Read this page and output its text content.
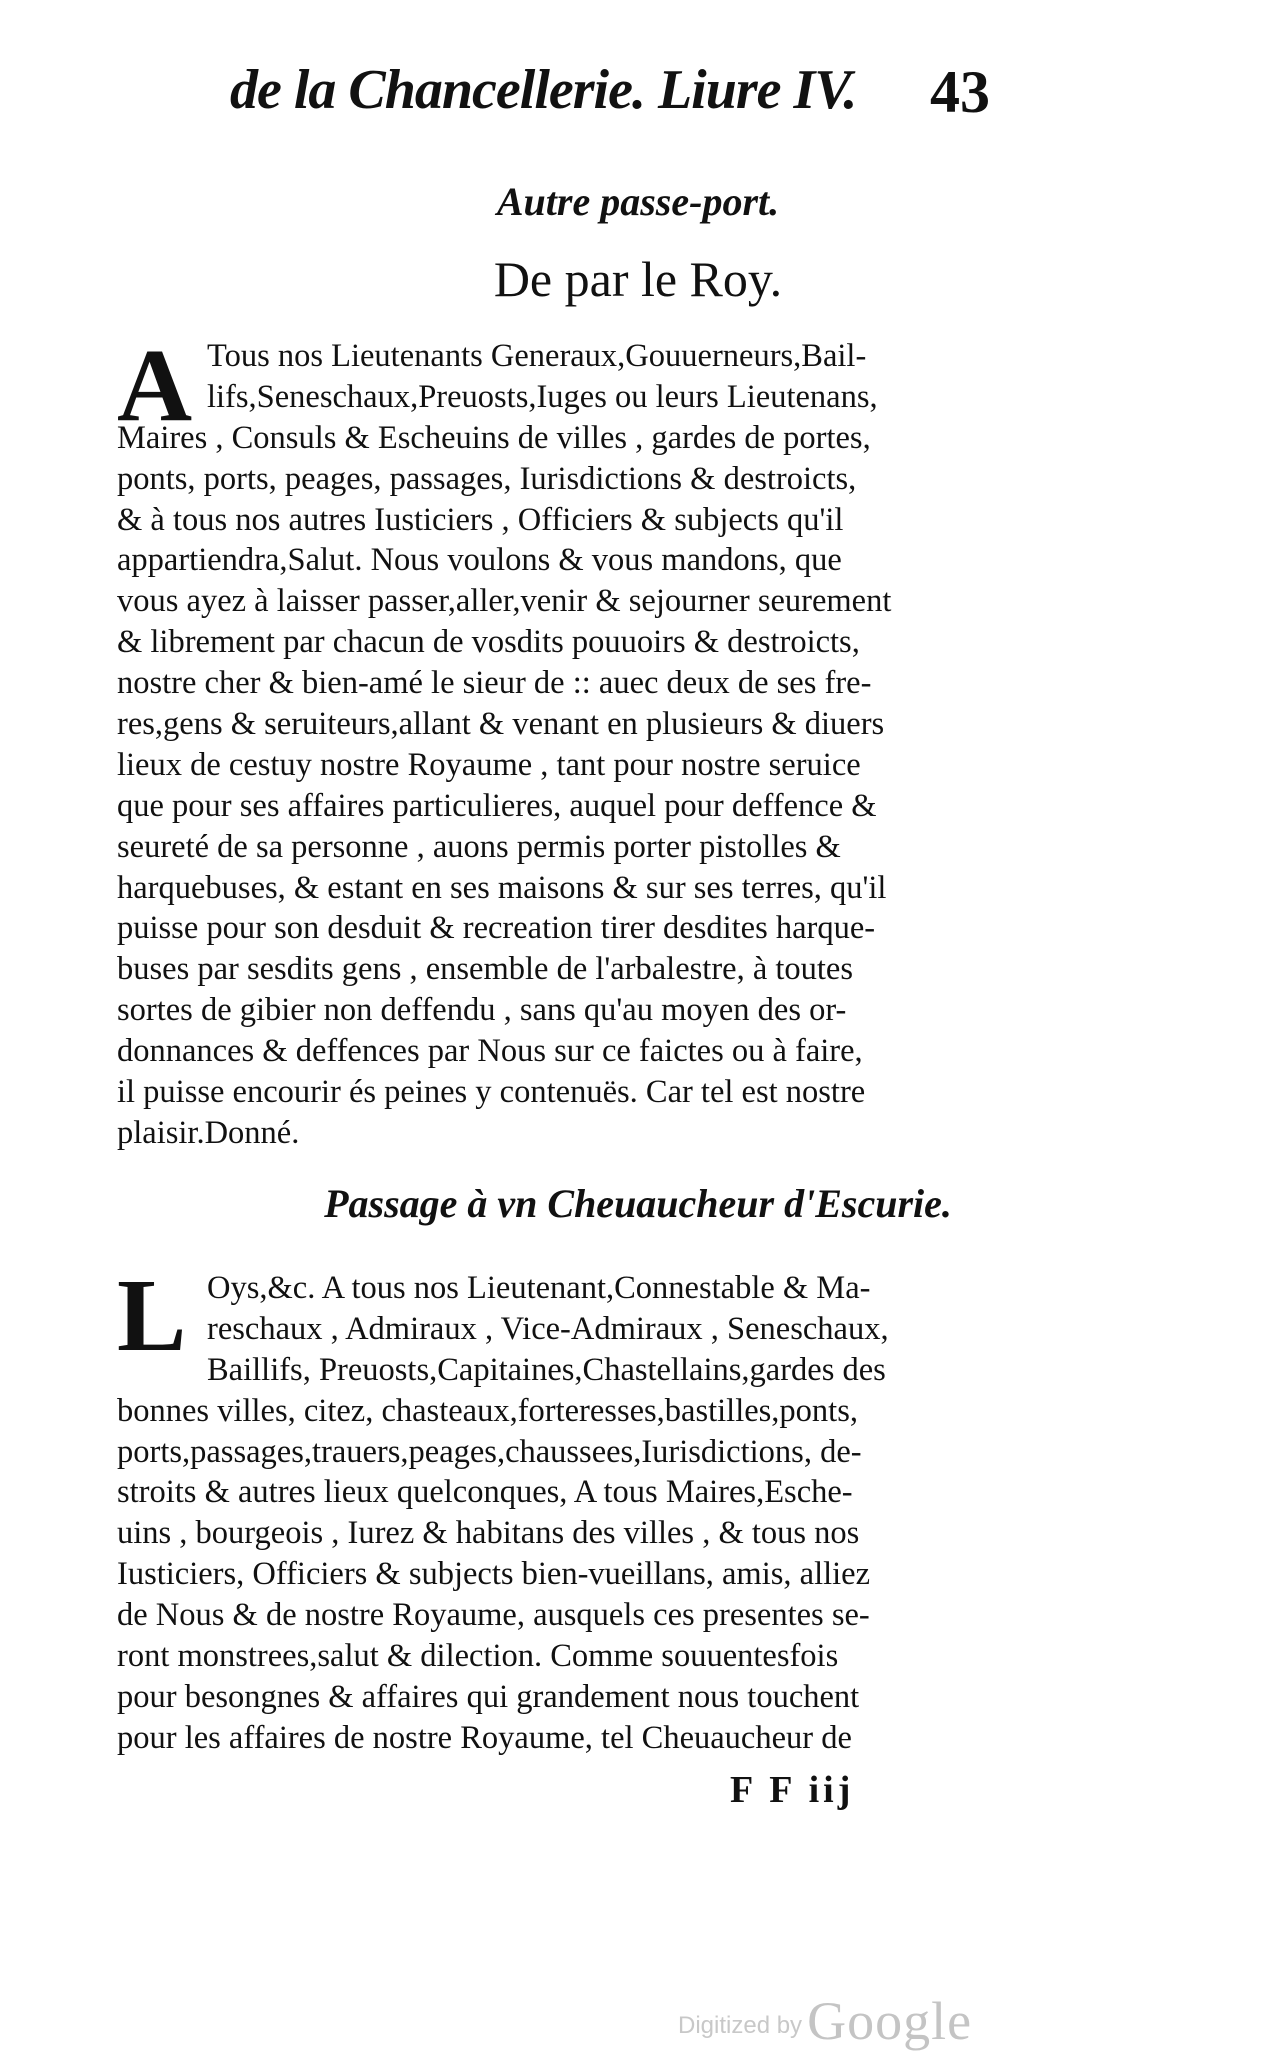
de la Chancellerie. Liure IV. 43
Autre passe-port.
De par le Roy.
A Tous nos Lieutenants Generaux,Gouuerneurs,Bail-
lifs,Seneschaux,Preuosts,Iuges ou leurs Lieutenans,
Maires , Consuls & Escheuins de villes , gardes de portes,
ponts, ports, peages, passages, Iurisdictions & destroicts,
& à tous nos autres Iusticiers , Officiers & subjects qu'il
appartiendra,Salut. Nous voulons & vous mandons, que
vous ayez à laisser passer,aller,venir & sejourner seurement
& librement par chacun de vosdits pouuoirs & destroicts,
nostre cher & bien-amé le sieur de :: auec deux de ses fre-
res,gens & seruiteurs,allant & venant en plusieurs & diuers
lieux de cestuy nostre Royaume , tant pour nostre seruice
que pour ses affaires particulieres, auquel pour deffence &
seureté de sa personne , auons permis porter pistolles &
harquebuses, & estant en ses maisons & sur ses terres, qu'il
puisse pour son desduit & recreation tirer desdites harque-
buses par sesdits gens , ensemble de l'arbalestre, à toutes
sortes de gibier non deffendu , sans qu'au moyen des or-
donnances & deffences par Nous sur ce faictes ou à faire,
il puisse encourir és peines y contenuës. Car tel est nostre
plaisir.Donné.
Passage à vn Cheuaucheur d'Escurie.
L Oys,&c. A tous nos Lieutenant,Connestable & Ma-
reschaux , Admiraux , Vice-Admiraux , Seneschaux,
Baillifs, Preuosts,Capitaines,Chastellains,gardes des
bonnes villes, citez, chasteaux,forteresses,bastilles,ponts,
ports,passages,trauers,peages,chaussees,Iurisdictions, de-
stroits & autres lieux quelconques, A tous Maires,Esche-
uins , bourgeois , Iurez & habitans des villes , & tous nos
Iusticiers, Officiers & subjects bien-vueillans, amis, alliez
de Nous & de nostre Royaume, ausquels ces presentes se-
ront monstrees,salut & dilection. Comme souuentesfois
pour besongnes & affaires qui grandement nous touchent
pour les affaires de nostre Royaume, tel Cheuaucheur de
F F iij
Digitized by Google
